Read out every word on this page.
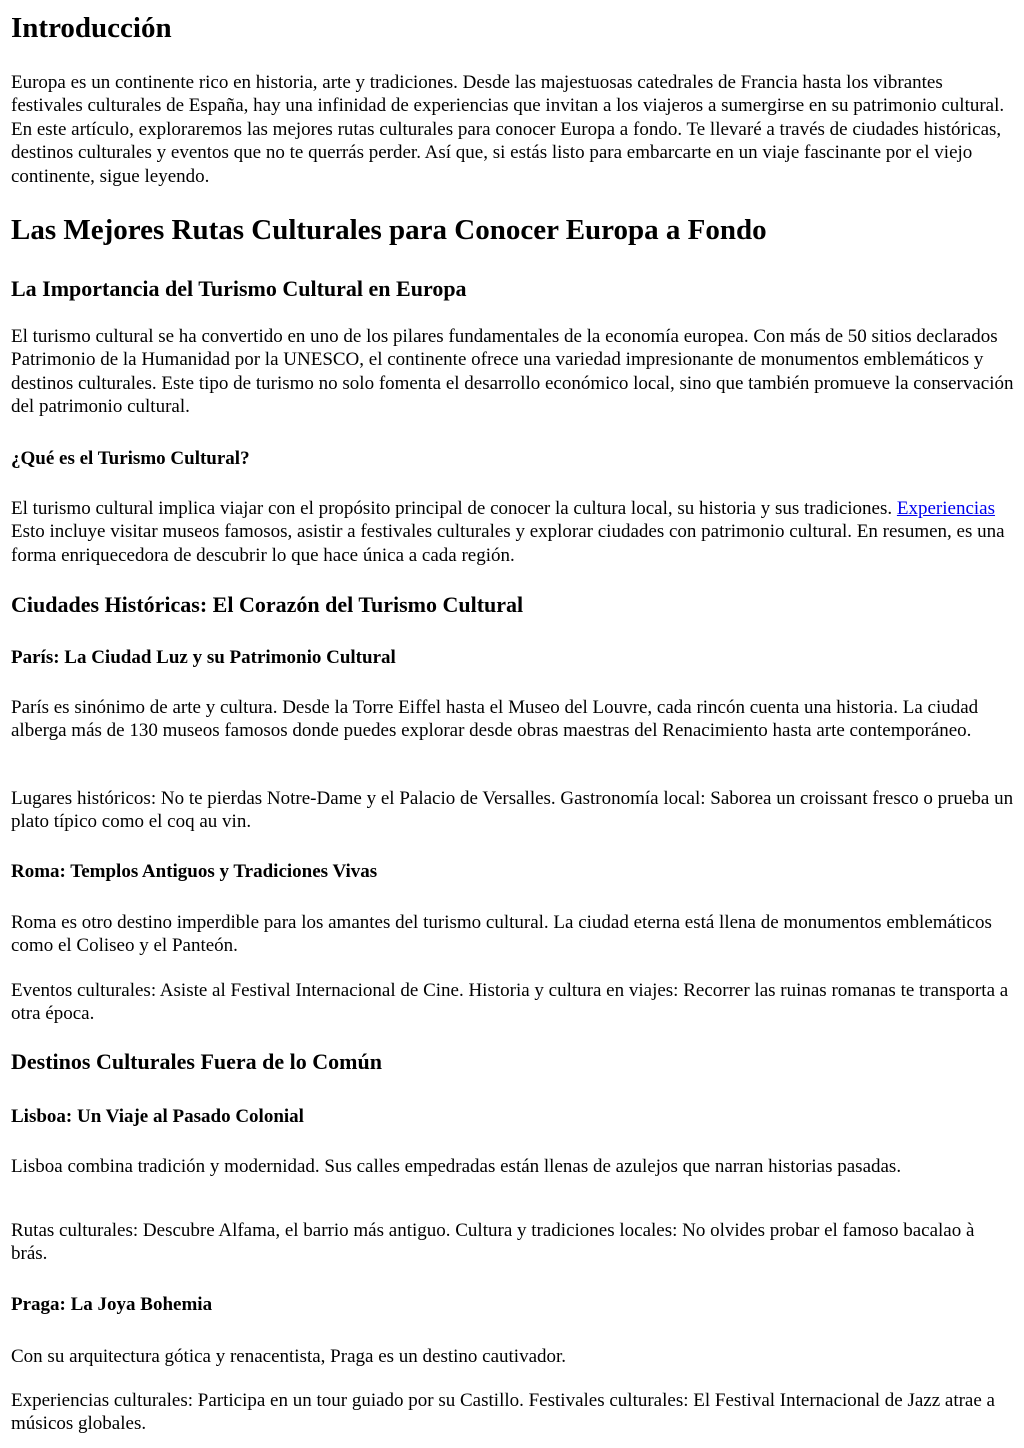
Introducción

Europa es un continente rico en historia, arte y tradiciones. Desde las majestuosas catedrales de Francia hasta los vibrantes festivales culturales de España, hay una infinidad de experiencias que invitan a los viajeros a sumergirse en su patrimonio cultural. En este artículo, exploraremos las mejores rutas culturales para conocer Europa a fondo. Te llevaré a través de ciudades históricas, destinos culturales y eventos que no te querrás perder. Así que, si estás listo para embarcarte en un viaje fascinante por el viejo continente, sigue leyendo.

Las Mejores Rutas Culturales para Conocer Europa a Fondo
La Importancia del Turismo Cultural en Europa

El turismo cultural se ha convertido en uno de los pilares fundamentales de la economía europea. Con más de 50 sitios declarados Patrimonio de la Humanidad por la UNESCO, el continente ofrece una variedad impresionante de monumentos emblemáticos y destinos culturales. Este tipo de turismo no solo fomenta el desarrollo económico local, sino que también promueve la conservación del patrimonio cultural.

¿Qué es el Turismo Cultural?

El turismo cultural implica viajar con el propósito principal de conocer la cultura local, su historia y sus tradiciones. Experiencias Esto incluye visitar museos famosos, asistir a festivales culturales y explorar ciudades con patrimonio cultural. En resumen, es una forma enriquecedora de descubrir lo que hace única a cada región.

Ciudades Históricas: El Corazón del Turismo Cultural
París: La Ciudad Luz y su Patrimonio Cultural

París es sinónimo de arte y cultura. Desde la Torre Eiffel hasta el Museo del Louvre, cada rincón cuenta una historia. La ciudad alberga más de 130 museos famosos donde puedes explorar desde obras maestras del Renacimiento hasta arte contemporáneo.

Lugares históricos: No te pierdas Notre-Dame y el Palacio de Versalles. Gastronomía local: Saborea un croissant fresco o prueba un plato típico como el coq au vin.
Roma: Templos Antiguos y Tradiciones Vivas

Roma es otro destino imperdible para los amantes del turismo cultural. La ciudad eterna está llena de monumentos emblemáticos como el Coliseo y el Panteón.

Eventos culturales: Asiste al Festival Internacional de Cine. Historia y cultura en viajes: Recorrer las ruinas romanas te transporta a otra época.
Destinos Culturales Fuera de lo Común
Lisboa: Un Viaje al Pasado Colonial

Lisboa combina tradición y modernidad. Sus calles empedradas están llenas de azulejos que narran historias pasadas.

Rutas culturales: Descubre Alfama, el barrio más antiguo. Cultura y tradiciones locales: No olvides probar el famoso bacalao à brás.
Praga: La Joya Bohemia

Con su arquitectura gótica y renacentista, Praga es un destino cautivador.

Experiencias culturales: Participa en un tour guiado por su Castillo. Festivales culturales: El Festival Internacional de Jazz atrae a músicos globales.
